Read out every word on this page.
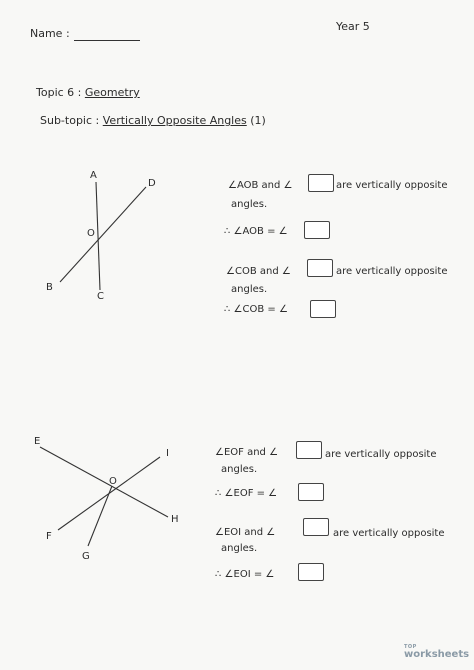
Name :
Year 5
Topic 6 : Geometry
Sub-topic : Vertically Opposite Angles (1)
A
D
O
B
C
E
I
O
H
F
G
∠AOB and ∠	are vertically opposite
angles.
∴ ∠AOB = ∠
∠COB and ∠	are vertically opposite
angles.
∴ ∠COB = ∠
∠EOF and ∠	are vertically opposite
angles.
∴ ∠EOF = ∠
∠EOI and ∠	are vertically opposite
angles.
∴ ∠EOI = ∠
TOP
worksheets
